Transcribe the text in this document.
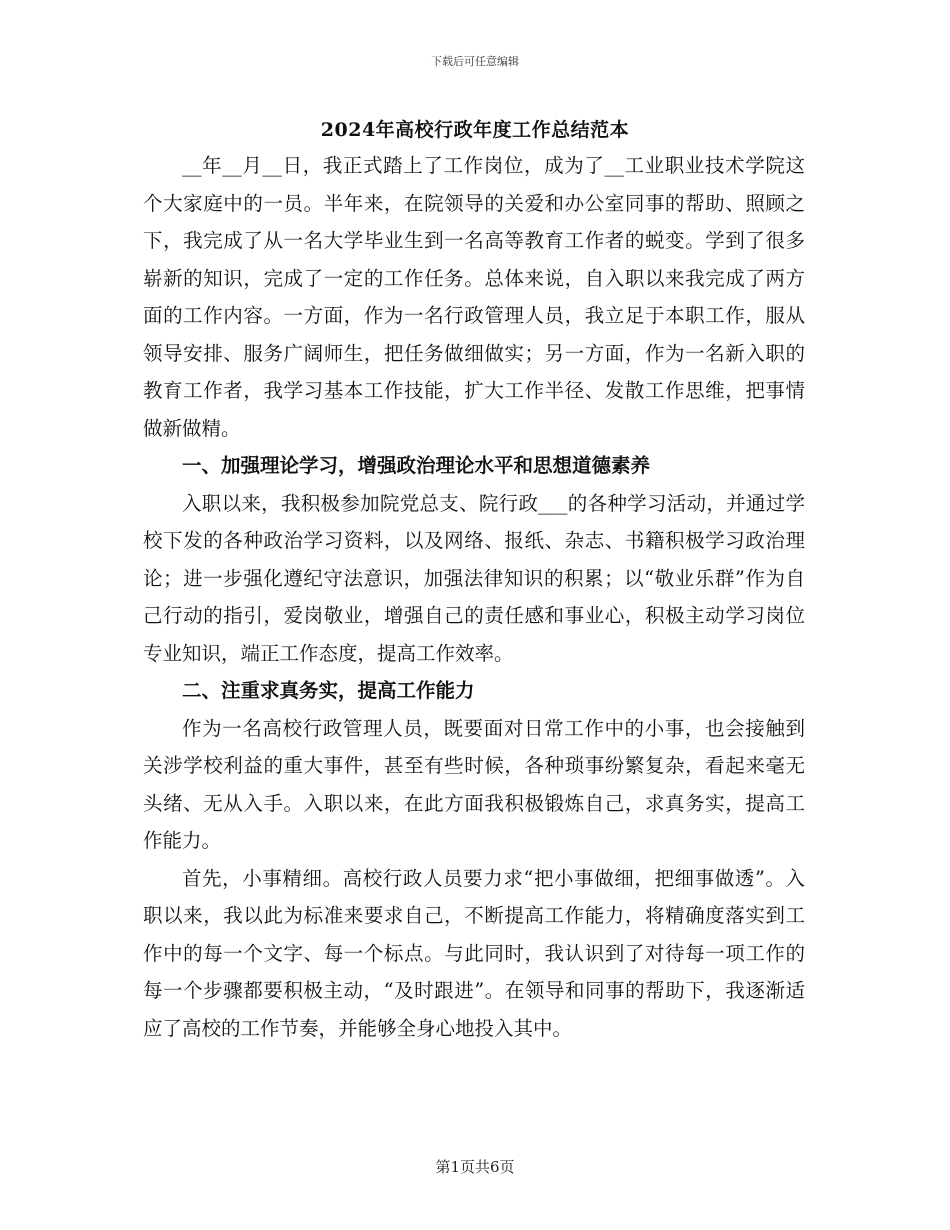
下载后可任意编辑
2024年高校行政年度工作总结范本

__年__月__日，我正式踏上了工作岗位，成为了__工业职业技术学院这个大家庭中的一员。半年来，在院领导的关爱和办公室同事的帮助、照顾之下，我完成了从一名大学毕业生到一名高等教育工作者的蜕变。学到了很多崭新的知识，完成了一定的工作任务。总体来说，自入职以来我完成了两方面的工作内容。一方面，作为一名行政管理人员，我立足于本职工作，服从领导安排、服务广阔师生，把任务做细做实；另一方面，作为一名新入职的教育工作者，我学习基本工作技能，扩大工作半径、发散工作思维，把事情做新做精。

一、加强理论学习，增强政治理论水平和思想道德素养

入职以来，我积极参加院党总支、院行政___的各种学习活动，并通过学校下发的各种政治学习资料，以及网络、报纸、杂志、书籍积极学习政治理论；进一步强化遵纪守法意识，加强法律知识的积累；以“敬业乐群”作为自己行动的指引，爱岗敬业，增强自己的责任感和事业心，积极主动学习岗位专业知识，端正工作态度，提高工作效率。

二、注重求真务实，提高工作能力

作为一名高校行政管理人员，既要面对日常工作中的小事，也会接触到关涉学校利益的重大事件，甚至有些时候，各种琐事纷繁复杂，看起来毫无头绪、无从入手。入职以来，在此方面我积极锻炼自己，求真务实，提高工作能力。

首先，小事精细。高校行政人员要力求“把小事做细，把细事做透”。入职以来，我以此为标准来要求自己，不断提高工作能力，将精确度落实到工作中的每一个文字、每一个标点。与此同时，我认识到了对待每一项工作的每一个步骤都要积极主动，“及时跟进”。在领导和同事的帮助下，我逐渐适应了高校的工作节奏，并能够全身心地投入其中。

第1页共6页
